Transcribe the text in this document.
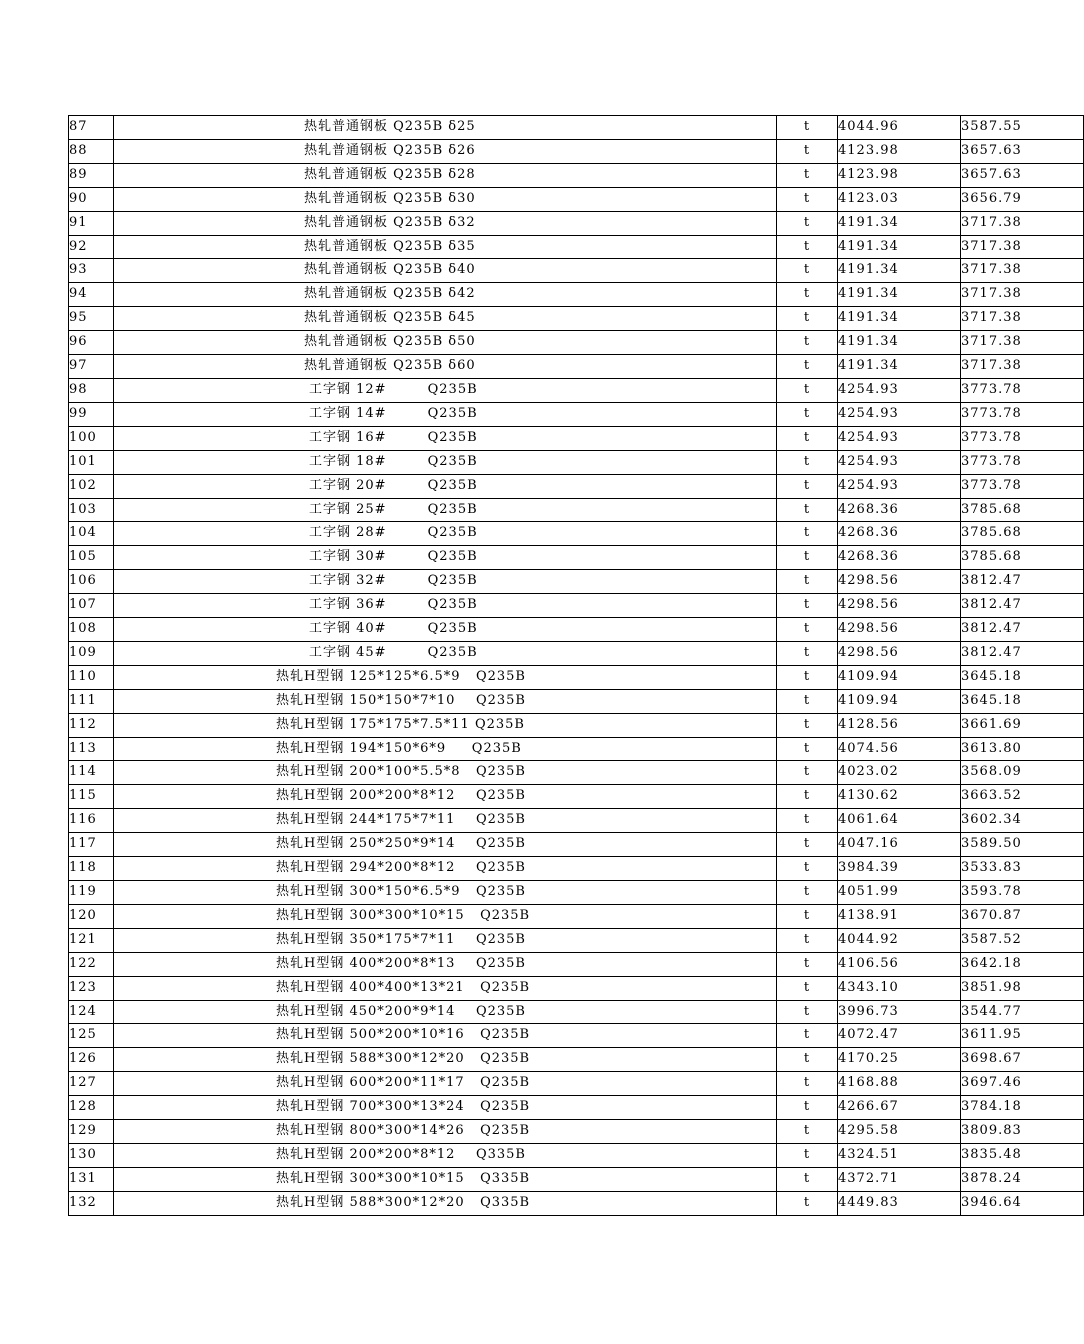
87	热轧普通钢板 Q235B δ25	t	4044.96	3587.55
88	热轧普通钢板 Q235B δ26	t	4123.98	3657.63
89	热轧普通钢板 Q235B δ28	t	4123.98	3657.63
90	热轧普通钢板 Q235B δ30	t	4123.03	3656.79
91	热轧普通钢板 Q235B δ32	t	4191.34	3717.38
92	热轧普通钢板 Q235B δ35	t	4191.34	3717.38
93	热轧普通钢板 Q235B δ40	t	4191.34	3717.38
94	热轧普通钢板 Q235B δ42	t	4191.34	3717.38
95	热轧普通钢板 Q235B δ45	t	4191.34	3717.38
96	热轧普通钢板 Q235B δ50	t	4191.34	3717.38
97	热轧普通钢板 Q235B δ60	t	4191.34	3717.38
98	工字钢 12#        Q235B	t	4254.93	3773.78
99	工字钢 14#        Q235B	t	4254.93	3773.78
100	工字钢 16#        Q235B	t	4254.93	3773.78
101	工字钢 18#        Q235B	t	4254.93	3773.78
102	工字钢 20#        Q235B	t	4254.93	3773.78
103	工字钢 25#        Q235B	t	4268.36	3785.68
104	工字钢 28#        Q235B	t	4268.36	3785.68
105	工字钢 30#        Q235B	t	4268.36	3785.68
106	工字钢 32#        Q235B	t	4298.56	3812.47
107	工字钢 36#        Q235B	t	4298.56	3812.47
108	工字钢 40#        Q235B	t	4298.56	3812.47
109	工字钢 45#        Q235B	t	4298.56	3812.47
110	热轧H型钢 125*125*6.5*9   Q235B	t	4109.94	3645.18
111	热轧H型钢 150*150*7*10    Q235B	t	4109.94	3645.18
112	热轧H型钢 175*175*7.5*11 Q235B	t	4128.56	3661.69
113	热轧H型钢 194*150*6*9     Q235B	t	4074.56	3613.80
114	热轧H型钢 200*100*5.5*8   Q235B	t	4023.02	3568.09
115	热轧H型钢 200*200*8*12    Q235B	t	4130.62	3663.52
116	热轧H型钢 244*175*7*11    Q235B	t	4061.64	3602.34
117	热轧H型钢 250*250*9*14    Q235B	t	4047.16	3589.50
118	热轧H型钢 294*200*8*12    Q235B	t	3984.39	3533.83
119	热轧H型钢 300*150*6.5*9   Q235B	t	4051.99	3593.78
120	热轧H型钢 300*300*10*15   Q235B	t	4138.91	3670.87
121	热轧H型钢 350*175*7*11    Q235B	t	4044.92	3587.52
122	热轧H型钢 400*200*8*13    Q235B	t	4106.56	3642.18
123	热轧H型钢 400*400*13*21   Q235B	t	4343.10	3851.98
124	热轧H型钢 450*200*9*14    Q235B	t	3996.73	3544.77
125	热轧H型钢 500*200*10*16   Q235B	t	4072.47	3611.95
126	热轧H型钢 588*300*12*20   Q235B	t	4170.25	3698.67
127	热轧H型钢 600*200*11*17   Q235B	t	4168.88	3697.46
128	热轧H型钢 700*300*13*24   Q235B	t	4266.67	3784.18
129	热轧H型钢 800*300*14*26   Q235B	t	4295.58	3809.83
130	热轧H型钢 200*200*8*12    Q335B	t	4324.51	3835.48
131	热轧H型钢 300*300*10*15   Q335B	t	4372.71	3878.24
132	热轧H型钢 588*300*12*20   Q335B	t	4449.83	3946.64
